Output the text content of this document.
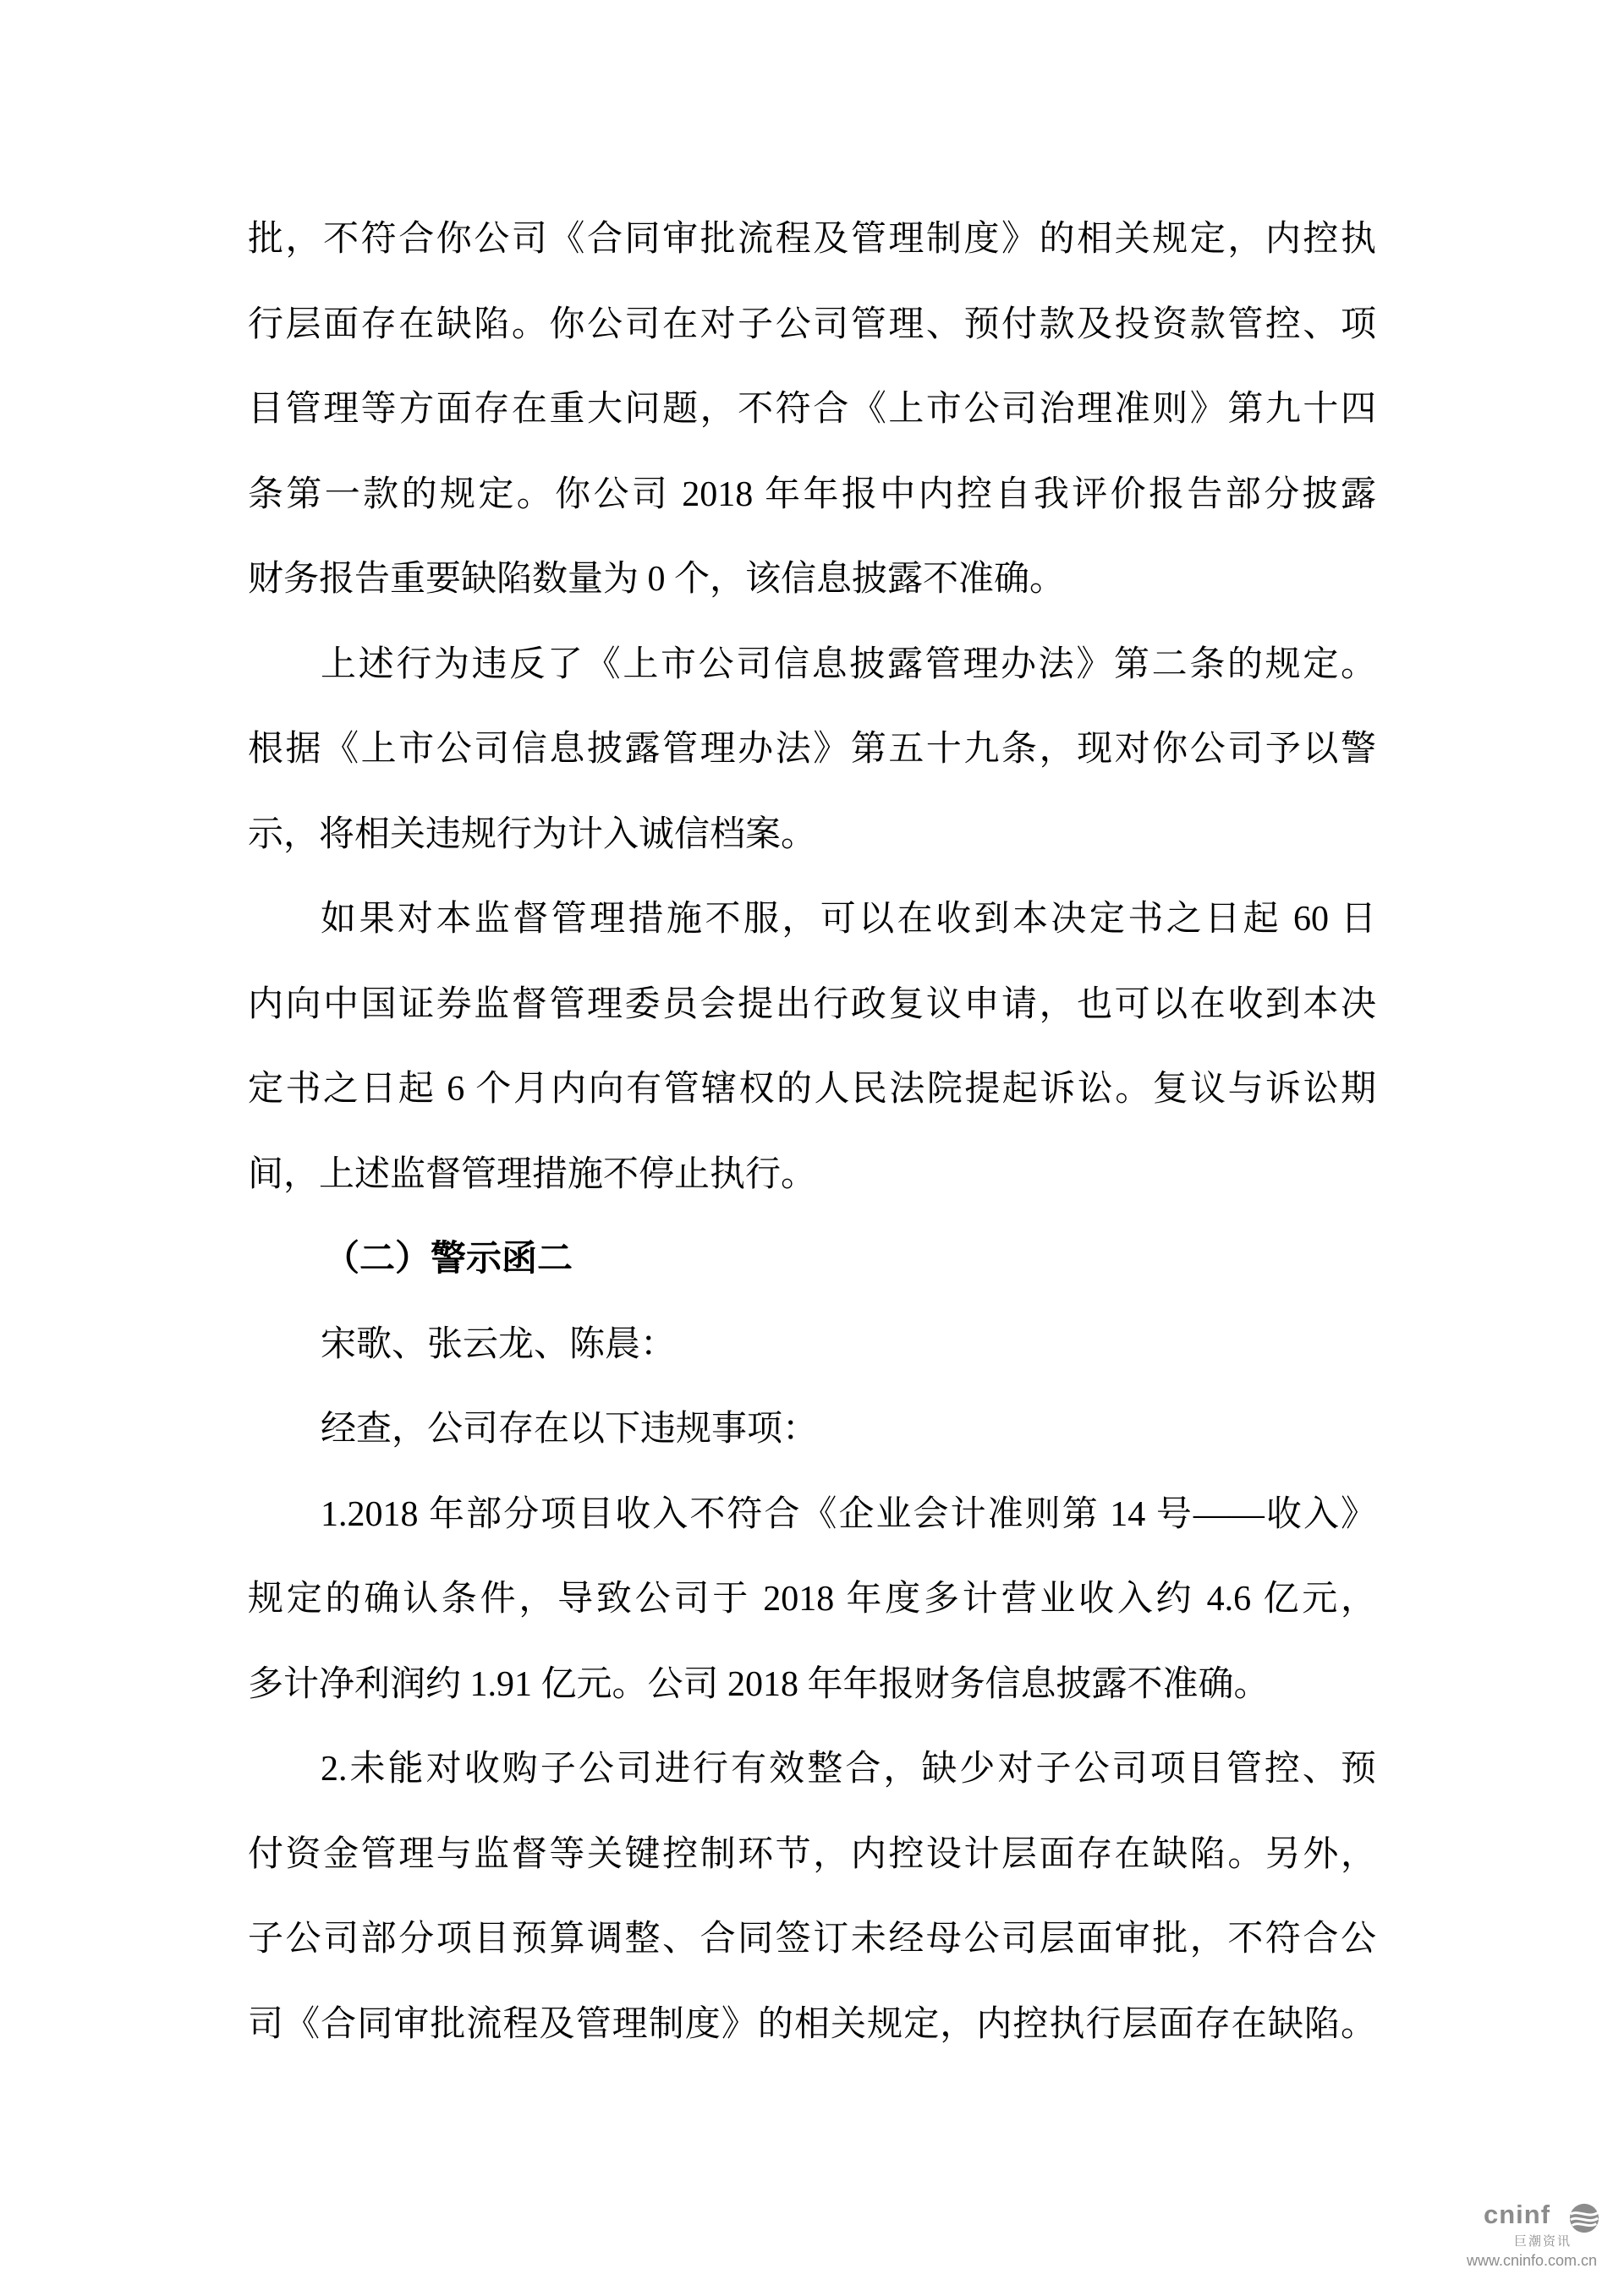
批，不符合你公司《合同审批流程及管理制度》的相关规定，内控执
行层面存在缺陷。你公司在对子公司管理、预付款及投资款管控、项
目管理等方面存在重大问题，不符合《上市公司治理准则》第九十四
条第一款的规定。你公司 2018 年年报中内控自我评价报告部分披露
财务报告重要缺陷数量为 0 个，该信息披露不准确。
上述行为违反了《上市公司信息披露管理办法》第二条的规定。
根据《上市公司信息披露管理办法》第五十九条，现对你公司予以警
示，将相关违规行为计入诚信档案。
如果对本监督管理措施不服，可以在收到本决定书之日起 60 日
内向中国证券监督管理委员会提出行政复议申请，也可以在收到本决
定书之日起 6 个月内向有管辖权的人民法院提起诉讼。复议与诉讼期
间，上述监督管理措施不停止执行。
（二）警示函二
宋歌、张云龙、陈晨：
经查，公司存在以下违规事项：
1.2018 年部分项目收入不符合《企业会计准则第 14 号——收入》
规定的确认条件，导致公司于 2018 年度多计营业收入约 4.6 亿元，
多计净利润约 1.91 亿元。公司 2018 年年报财务信息披露不准确。
2.未能对收购子公司进行有效整合，缺少对子公司项目管控、预
付资金管理与监督等关键控制环节，内控设计层面存在缺陷。另外，
子公司部分项目预算调整、合同签订未经母公司层面审批，不符合公
司《合同审批流程及管理制度》的相关规定，内控执行层面存在缺陷。
cninf
巨潮资讯
www.cninfo.com.cn
